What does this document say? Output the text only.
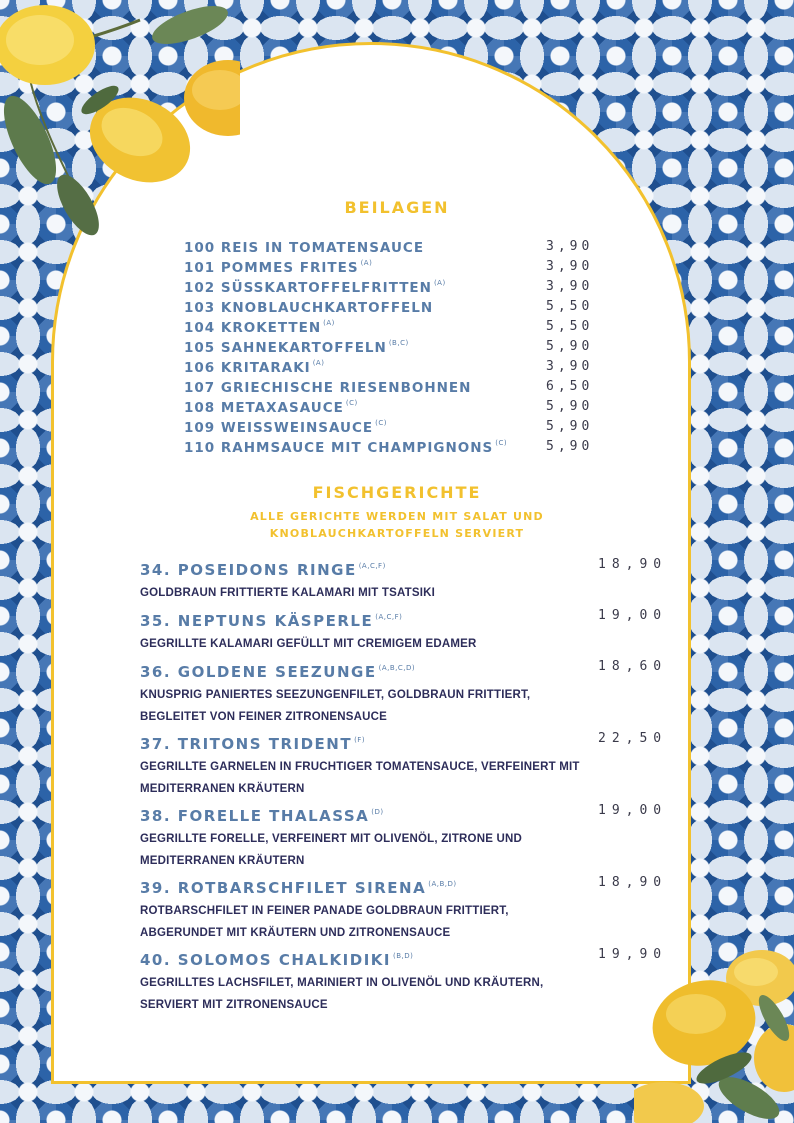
BEILAGEN
100 REIS IN TOMATENSAUCE	3,90
101 POMMES FRITES $^{(A)}$	3,90
102 SÜSSKARTOFFELFRITTEN $^{(A)}$	3,90
103 KNOBLAUCHKARTOFFELN	5,50
104 KROKETTEN $^{(A)}$	5,50
105 SAHNEKARTOFFELN $^{(B,C)}$	5,90
106 KRITARAKI $^{(A)}$	3,90
107 GRIECHISCHE RIESENBOHNEN	6,50
108 METAXASAUCE $^{(C)}$	5,90
109 WEISSWEINSAUCE $^{(C)}$	5,90
110 RAHMSAUCE MIT CHAMPIGNONS $^{(C)}$	5,90
FISCHGERICHTE
ALLE GERICHTE WERDEN MIT SALAT UND
KNOBLAUCHKARTOFFELN SERVIERT
34. POSEIDONS RINGE $^{(A,C,F)}$
GOLDBRAUN FRITTIERTE KALAMARI MIT TSATSIKI
18,90
35. NEPTUNS KÄSPERLE $^{(A,C,F)}$
GEGRILLTE KALAMARI GEFÜLLT MIT CREMIGEM EDAMER
19,00
36. GOLDENE SEEZUNGE $^{(A,B,C,D)}$
KNUSPRIG PANIERTES SEEZUNGENFILET, GOLDBRAUN FRITTIERT, BEGLEITET VON FEINER ZITRONENSAUCE
18,60
37. TRITONS TRIDENT $^{(F)}$
GEGRILLTE GARNELEN IN FRUCHTIGER TOMATENSAUCE, VERFEINERT MIT MEDITERRANEN KRÄUTERN
22,50
38. FORELLE THALASSA $^{(D)}$
GEGRILLTE FORELLE, VERFEINERT MIT OLIVENÖL, ZITRONE UND MEDITERRANEN KRÄUTERN
19,00
39. ROTBARSCHFILET SIRENA $^{(A,B,D)}$
ROTBARSCHFILET IN FEINER PANADE GOLDBRAUN FRITTIERT, ABGERUNDET MIT KRÄUTERN UND ZITRONENSAUCE
18,90
40. SOLOMOS CHALKIDIKI $^{(B,D)}$
GEGRILLTES LACHSFILET, MARINIERT IN OLIVENÖL UND KRÄUTERN, SERVIERT MIT ZITRONENSAUCE
19,90
